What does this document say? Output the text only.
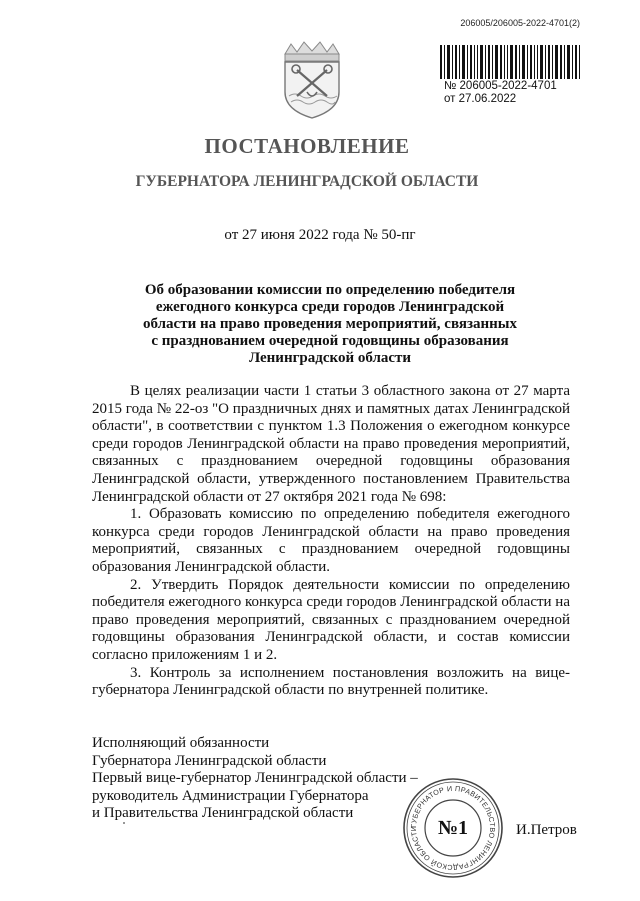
206005/206005-2022-4701(2)
№ 206005-2022-4701
от 27.06.2022
ПОСТАНОВЛЕНИЕ
ГУБЕРНАТОРА ЛЕНИНГРАДСКОЙ ОБЛАСТИ
от 27 июня 2022 года № 50-пг
Об образовании комиссии по определению победителя
ежегодного конкурса среди городов Ленинградской
области на право проведения мероприятий, связанных
с празднованием очередной годовщины образования
Ленинградской области

В целях реализации части 1 статьи 3 областного закона от 27 марта 2015 года № 22-оз "О праздничных днях и памятных датах Ленинградской области", в соответствии с пунктом 1.3 Положения о ежегодном конкурсе среди городов Ленинградской области на право проведения мероприятий, связанных с празднованием очередной годовщины образования Ленинградской области, утвержденного постановлением Правительства Ленинградской области от 27 октября 2021 года № 698:

1. Образовать комиссию по определению победителя ежегодного конкурса среди городов Ленинградской области на право проведения мероприятий, связанных с празднованием очередной годовщины образования Ленинградской области.

2. Утвердить Порядок деятельности комиссии по определению победителя ежегодного конкурса среди городов Ленинградской области на право проведения мероприятий, связанных с празднованием очередной годовщины образования Ленинградской области, и состав комиссии согласно приложениям 1 и 2.

3. Контроль за исполнением постановления возложить на вице-губернатора Ленинградской области по внутренней политике.

Исполняющий обязанности
Губернатора Ленинградской области
Первый вице-губернатор Ленинградской области –
руководитель Администрации Губернатора
и Правительства Ленинградской области
ГУБЕРНАТОР И ПРАВИТЕЛЬСТВО ЛЕНИНГРАДСКОЙ ОБЛАСТИ №1	И.Петров
